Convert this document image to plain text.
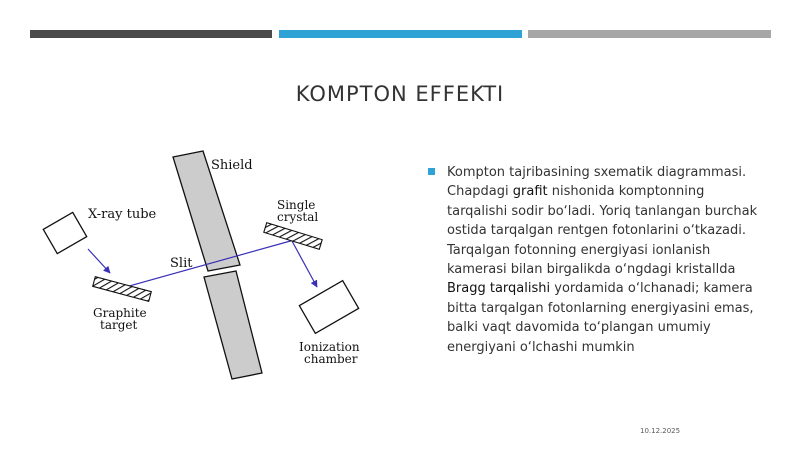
KOMPTON EFFEKTI
Shield
X-ray tube
Single
crystal
Slit
Graphite
target
Ionization
chamber
Kompton tajribasining sxematik diagrammasi. Chapdagi grafit nishonida komptonning tarqalishi sodir bo‘ladi. Yoriq tanlangan burchak ostida tarqalgan rentgen fotonlarini o‘tkazadi. Tarqalgan fotonning energiyasi ionlanish kamerasi bilan birgalikda o‘ngdagi kristallda Bragg tarqalishi yordamida o‘lchanadi; kamera bitta tarqalgan fotonlarning energiyasini emas, balki vaqt davomida to‘plangan umumiy energiyani o‘lchashi mumkin
10.12.2025
